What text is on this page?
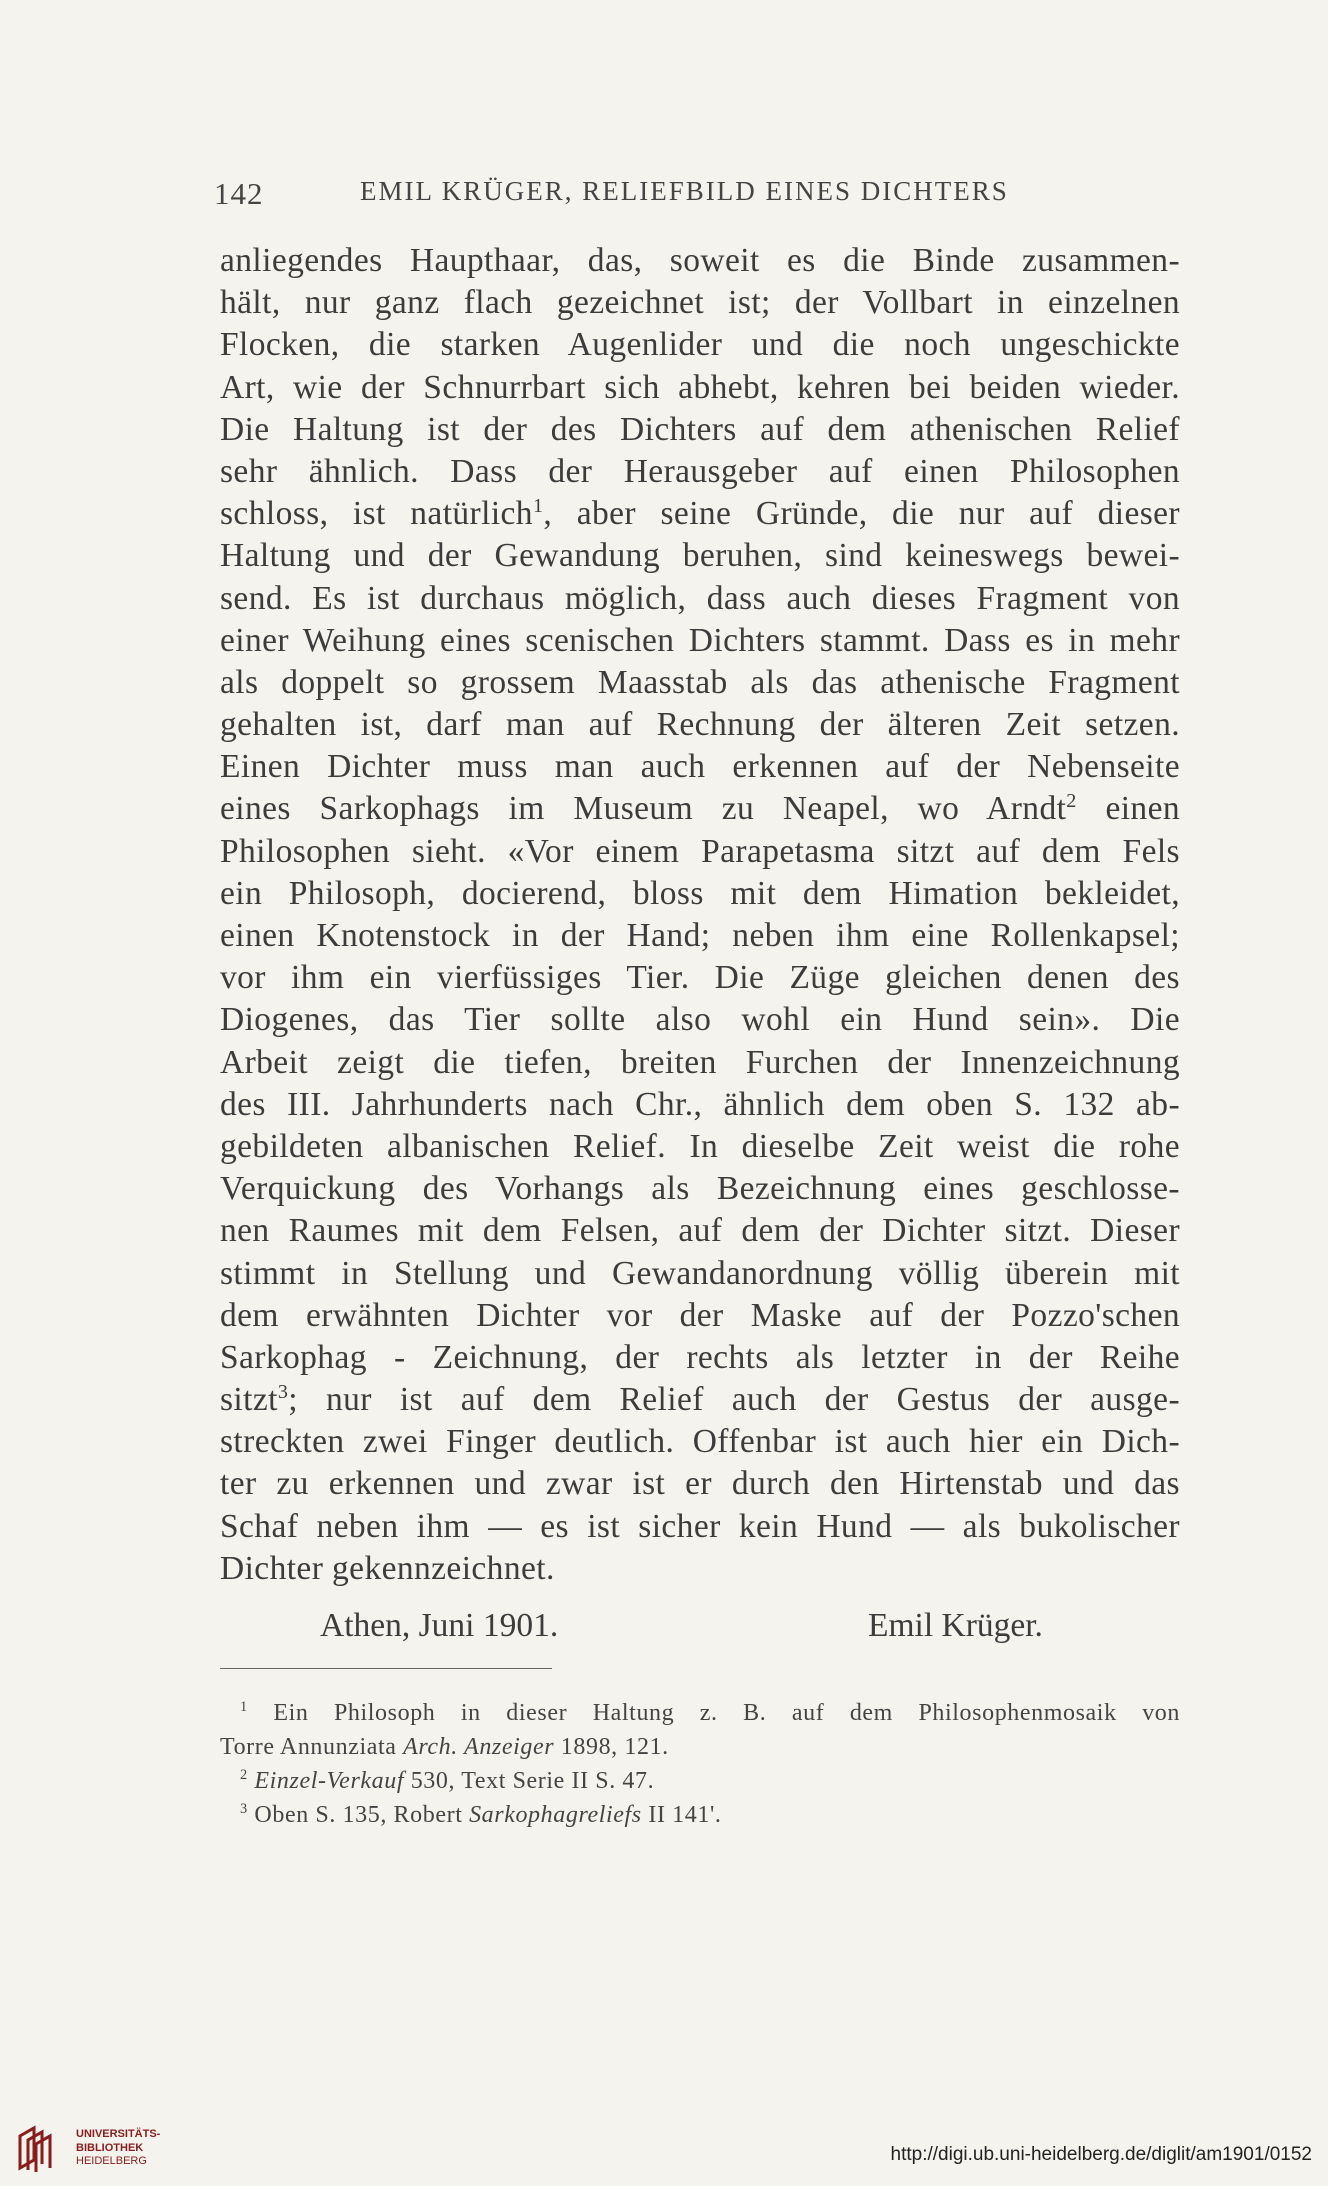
142	EMIL KRÜGER, RELIEFBILD EINES DICHTERS
anliegendes Haupthaar, das, soweit es die Binde zusammen-
hält, nur ganz flach gezeichnet ist; der Vollbart in einzelnen
Flocken, die starken Augenlider und die noch ungeschickte
Art, wie der Schnurrbart sich abhebt, kehren bei beiden wieder.
Die Haltung ist der des Dichters auf dem athenischen Relief
sehr ähnlich. Dass der Herausgeber auf einen Philosophen
schloss, ist natürlich$^1$, aber seine Gründe, die nur auf dieser
Haltung und der Gewandung beruhen, sind keineswegs bewei-
send. Es ist durchaus möglich, dass auch dieses Fragment von
einer Weihung eines scenischen Dichters stammt. Dass es in mehr
als doppelt so grossem Maasstab als das athenische Fragment
gehalten ist, darf man auf Rechnung der älteren Zeit setzen.
Einen Dichter muss man auch erkennen auf der Nebenseite
eines Sarkophags im Museum zu Neapel, wo Arndt$^2$ einen
Philosophen sieht. «Vor einem Parapetasma sitzt auf dem Fels
ein Philosoph, docierend, bloss mit dem Himation bekleidet,
einen Knotenstock in der Hand; neben ihm eine Rollenkapsel;
vor ihm ein vierfüssiges Tier. Die Züge gleichen denen des
Diogenes, das Tier sollte also wohl ein Hund sein». Die
Arbeit zeigt die tiefen, breiten Furchen der Innenzeichnung
des III. Jahrhunderts nach Chr., ähnlich dem oben S. 132 ab-
gebildeten albanischen Relief. In dieselbe Zeit weist die rohe
Verquickung des Vorhangs als Bezeichnung eines geschlosse-
nen Raumes mit dem Felsen, auf dem der Dichter sitzt. Dieser
stimmt in Stellung und Gewandanordnung völlig überein mit
dem erwähnten Dichter vor der Maske auf der Pozzo'schen
Sarkophag - Zeichnung, der rechts als letzter in der Reihe
sitzt$^3$; nur ist auf dem Relief auch der Gestus der ausge-
streckten zwei Finger deutlich. Offenbar ist auch hier ein Dich-
ter zu erkennen und zwar ist er durch den Hirtenstab und das
Schaf neben ihm — es ist sicher kein Hund — als bukolischer
Dichter gekennzeichnet.
Athen, Juni 1901.	Emil Krüger.
$^1$ Ein Philosoph in dieser Haltung z. B. auf dem Philosophenmosaik von
Torre Annunziata Arch. Anzeiger 1898, 121.
$^2$ Einzel-Verkauf 530, Text Serie II S. 47.
$^3$ Oben S. 135, Robert Sarkophagreliefs II 141'.
UNIVERSITÄTS-
BIBLIOTHEK
HEIDELBERG	http://digi.ub.uni-heidelberg.de/diglit/am1901/0152
